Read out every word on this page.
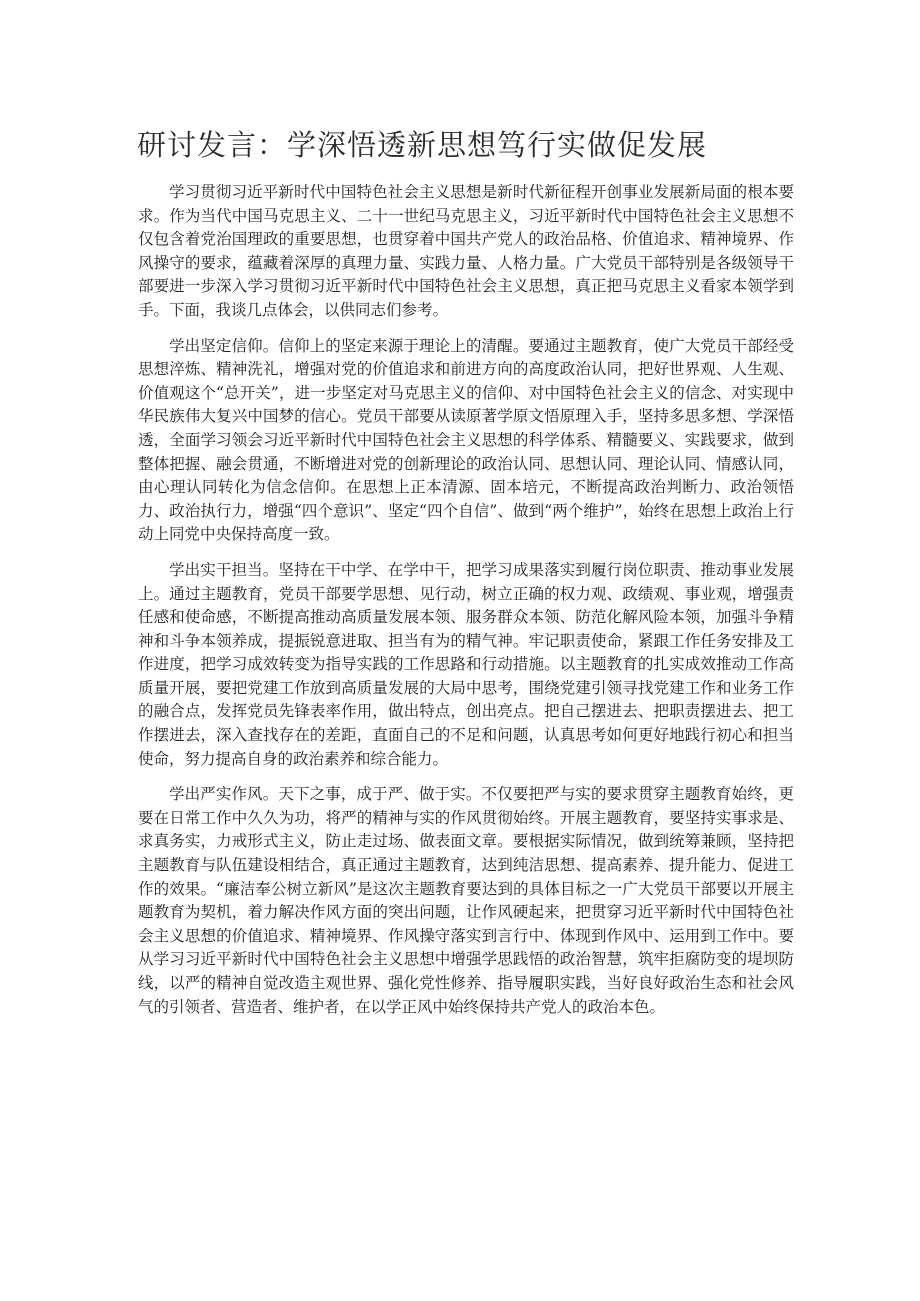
研讨发言：学深悟透新思想笃行实做促发展

学习贯彻习近平新时代中国特色社会主义思想是新时代新征程开创事业发展新局面的根本要求。作为当代中国马克思主义、二十一世纪马克思主义，习近平新时代中国特色社会主义思想不仅包含着党治国理政的重要思想，也贯穿着中国共产党人的政治品格、价值追求、精神境界、作风操守的要求，蕴藏着深厚的真理力量、实践力量、人格力量。广大党员干部特别是各级领导干部要进一步深入学习贯彻习近平新时代中国特色社会主义思想，真正把马克思主义看家本领学到手。下面，我谈几点体会，以供同志们参考。

学出坚定信仰。信仰上的坚定来源于理论上的清醒。要通过主题教育，使广大党员干部经受思想淬炼、精神洗礼，增强对党的价值追求和前进方向的高度政治认同，把好世界观、人生观、价值观这个“总开关”，进一步坚定对马克思主义的信仰、对中国特色社会主义的信念、对实现中华民族伟大复兴中国梦的信心。党员干部要从读原著学原文悟原理入手，坚持多思多想、学深悟透，全面学习领会习近平新时代中国特色社会主义思想的科学体系、精髓要义、实践要求，做到整体把握、融会贯通，不断增进对党的创新理论的政治认同、思想认同、理论认同、情感认同，由心理认同转化为信念信仰。在思想上正本清源、固本培元，不断提高政治判断力、政治领悟力、政治执行力，增强“四个意识”、坚定“四个自信”、做到“两个维护”，始终在思想上政治上行动上同党中央保持高度一致。

学出实干担当。坚持在干中学、在学中干，把学习成果落实到履行岗位职责、推动事业发展上。通过主题教育，党员干部要学思想、见行动，树立正确的权力观、政绩观、事业观，增强责任感和使命感，不断提高推动高质量发展本领、服务群众本领、防范化解风险本领，加强斗争精神和斗争本领养成，提振锐意进取、担当有为的精气神。牢记职责使命，紧跟工作任务安排及工作进度，把学习成效转变为指导实践的工作思路和行动措施。以主题教育的扎实成效推动工作高质量开展，要把党建工作放到高质量发展的大局中思考，围绕党建引领寻找党建工作和业务工作的融合点，发挥党员先锋表率作用，做出特点，创出亮点。把自己摆进去、把职责摆进去、把工作摆进去，深入查找存在的差距，直面自己的不足和问题，认真思考如何更好地践行初心和担当使命，努力提高自身的政治素养和综合能力。

学出严实作风。天下之事，成于严、做于实。不仅要把严与实的要求贯穿主题教育始终，更要在日常工作中久久为功，将严的精神与实的作风贯彻始终。开展主题教育，要坚持实事求是、求真务实，力戒形式主义，防止走过场、做表面文章。要根据实际情况，做到统筹兼顾，坚持把主题教育与队伍建设相结合，真正通过主题教育，达到纯洁思想、提高素养、提升能力、促进工作的效果。“廉洁奉公树立新风”是这次主题教育要达到的具体目标之一广大党员干部要以开展主题教育为契机，着力解决作风方面的突出问题，让作风硬起来，把贯穿习近平新时代中国特色社会主义思想的价值追求、精神境界、作风操守落实到言行中、体现到作风中、运用到工作中。要从学习习近平新时代中国特色社会主义思想中增强学思践悟的政治智慧，筑牢拒腐防变的堤坝防线，以严的精神自觉改造主观世界、强化党性修养、指导履职实践，当好良好政治生态和社会风气的引领者、营造者、维护者，在以学正风中始终保持共产党人的政治本色。
